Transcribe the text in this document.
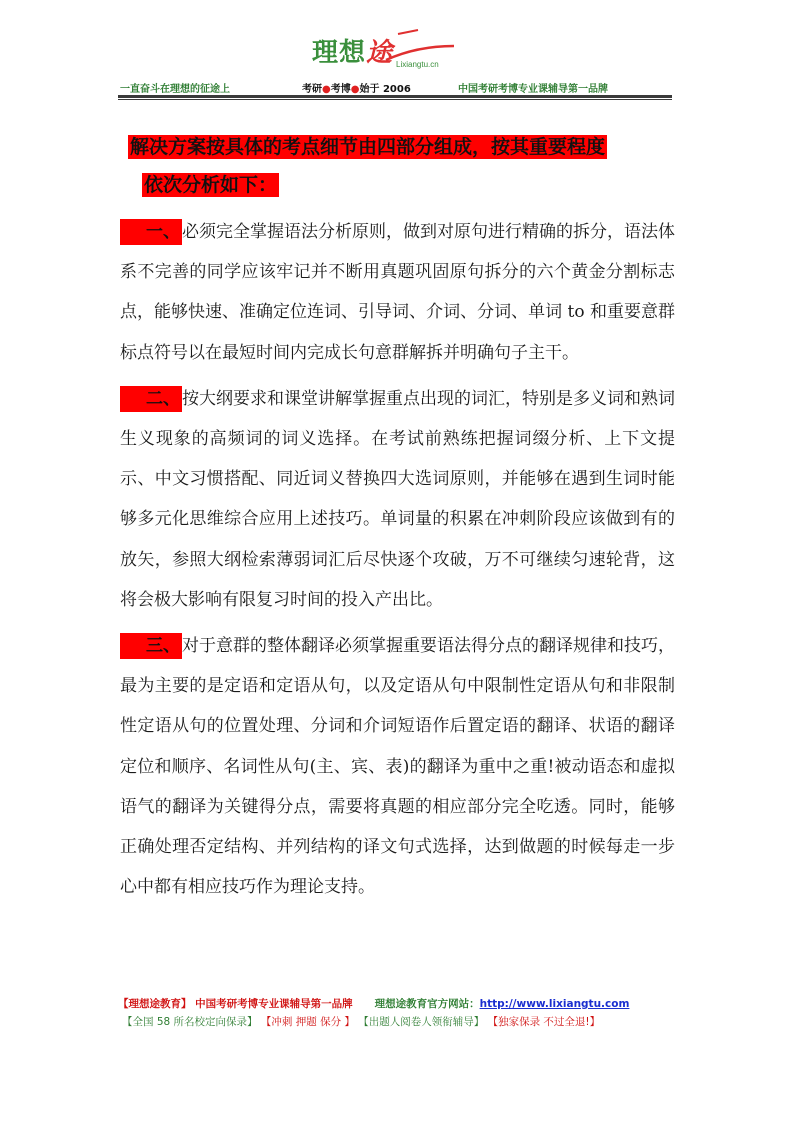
理想途 Lixiangtu.cn
一直奋斗在理想的征途上	考研●考博●始于 2006	中国考研考博专业课辅导第一品牌
解决方案按具体的考点细节由四部分组成，按其重要程度
依次分析如下：
一、 必须完全掌握语法分析原则，做到对原句进行精确的拆分，语法体系不完善的同学应该牢记并不断用真题巩固原句拆分的六个黄金分割标志点，能够快速、准确定位连词、引导词、介词、分词、单词 to 和重要意群标点符号以在最短时间内完成长句意群解拆并明确句子主干。
二、 按大纲要求和课堂讲解掌握重点出现的词汇，特别是多义词和熟词生义现象的高频词的词义选择。在考试前熟练把握词缀分析、上下文提示、中文习惯搭配、同近词义替换四大选词原则，并能够在遇到生词时能够多元化思维综合应用上述技巧。单词量的积累在冲刺阶段应该做到有的放矢，参照大纲检索薄弱词汇后尽快逐个攻破，万不可继续匀速轮背，这将会极大影响有限复习时间的投入产出比。
三、 对于意群的整体翻译必须掌握重要语法得分点的翻译规律和技巧，最为主要的是定语和定语从句，以及定语从句中限制性定语从句和非限制性定语从句的位置处理、分词和介词短语作后置定语的翻译、状语的翻译定位和顺序、名词性从句(主、宾、表)的翻译为重中之重!被动语态和虚拟语气的翻译为关键得分点，需要将真题的相应部分完全吃透。同时，能够正确处理否定结构、并列结构的译文句式选择，达到做题的时候每走一步心中都有相应技巧作为理论支持。
【理想途教育】 中国考研考博专业课辅导第一品牌 理想途教育官方网站：http://www.lixiangtu.com
【全国 58 所名校定向保录】 【冲刺 押题 保分 】 【出题人阅卷人领衔辅导】 【独家保录 不过全退!】
